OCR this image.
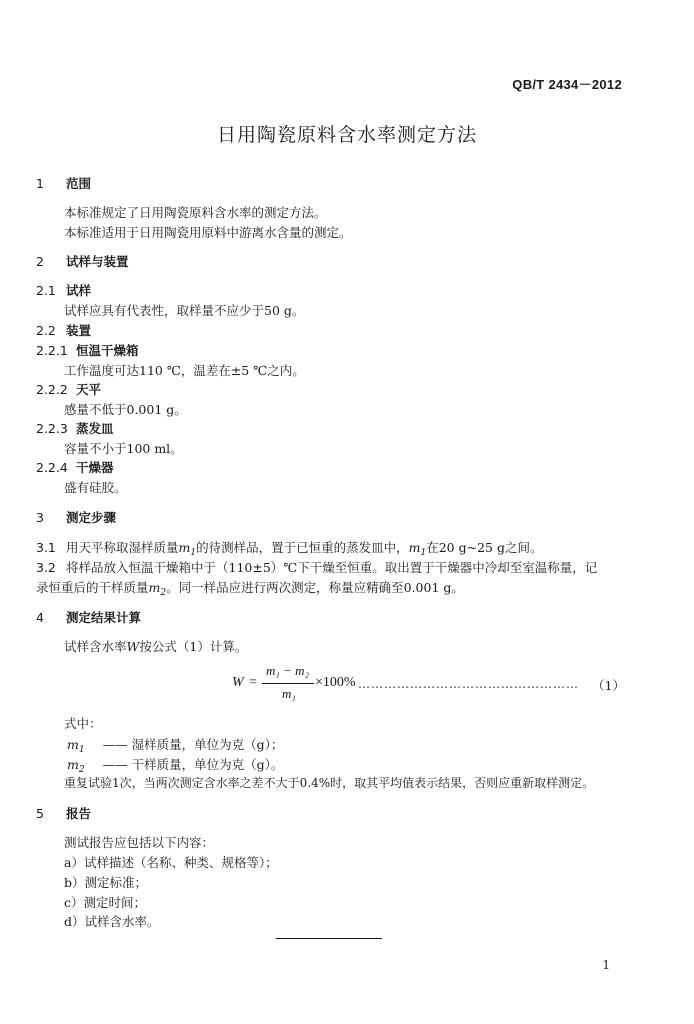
QB/T 2434－2012
日用陶瓷原料含水率测定方法
1 范围
本标准规定了日用陶瓷原料含水率的测定方法。
本标准适用于日用陶瓷用原料中游离水含量的测定。
2 试样与装置
2.1 试样
试样应具有代表性，取样量不应少于50 g。
2.2 装置
2.2.1 恒温干燥箱
工作温度可达110 ℃，温差在±5 ℃之内。
2.2.2 天平
感量不低于0.001 g。
2.2.3 蒸发皿
容量不小于100 ml。
2.2.4 干燥器
盛有硅胶。
3 测定步骤
3.1 用天平称取湿样质量$m_1$的待测样品，置于已恒重的蒸发皿中，$m_1$在20 g~25 g之间。
3.2 将样品放入恒温干燥箱中于（110±5）℃下干燥至恒重。取出置于干燥器中冷却至室温称量，记
录恒重后的干样质量$m_2$。同一样品应进行两次测定，称量应精确至0.001 g。
4 测定结果计算
试样含水率W按公式（1）计算。
W =
m₁ − m₂
m₁
×100% …………………………………………… （1）
式中：
$m_1$ —— 湿样质量，单位为克（g）；
$m_2$ —— 干样质量，单位为克（g）。
重复试验1次，当两次测定含水率之差不大于0.4%时，取其平均值表示结果，否则应重新取样测定。
5 报告
测试报告应包括以下内容：
a）试样描述（名称、种类、规格等）；
b）测定标准；
c）测定时间；
d）试样含水率。
1
